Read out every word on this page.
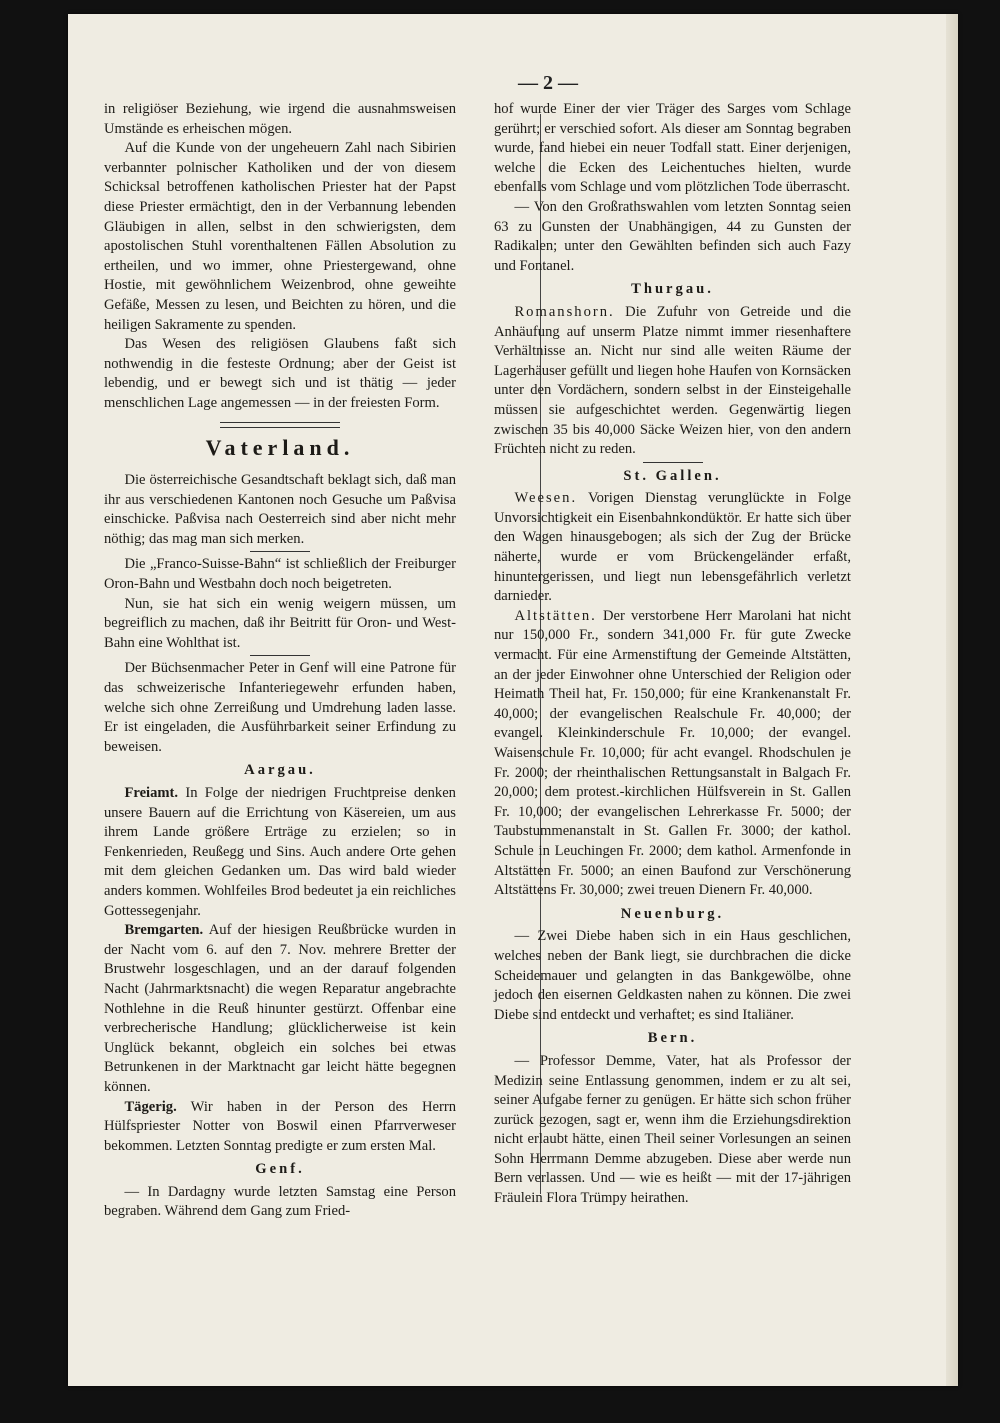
— 2 —

in religiöser Beziehung, wie irgend die ausnahmsweisen Umstände es erheischen mögen.

Auf die Kunde von der ungeheuern Zahl nach Sibirien verbannter polnischer Katholiken und der von diesem Schicksal betroffenen katholischen Priester hat der Papst diese Priester ermächtigt, den in der Verbannung lebenden Gläubigen in allen, selbst in den schwierigsten, dem apostolischen Stuhl vorenthaltenen Fällen Absolution zu ertheilen, und wo immer, ohne Priestergewand, ohne Hostie, mit gewöhnlichem Weizenbrod, ohne geweihte Gefäße, Messen zu lesen, und Beichten zu hören, und die heiligen Sakramente zu spenden.

Das Wesen des religiösen Glaubens faßt sich nothwendig in die festeste Ordnung; aber der Geist ist lebendig, und er bewegt sich und ist thätig — jeder menschlichen Lage angemessen — in der freiesten Form.

Vaterland.

Die österreichische Gesandtschaft beklagt sich, daß man ihr aus verschiedenen Kantonen noch Gesuche um Paßvisa einschicke. Paßvisa nach Oesterreich sind aber nicht mehr nöthig; das mag man sich merken.

Die „Franco-Suisse-Bahn“ ist schließlich der Freiburger Oron-Bahn und Westbahn doch noch beigetreten.

Nun, sie hat sich ein wenig weigern müssen, um begreiflich zu machen, daß ihr Beitritt für Oron- und West-Bahn eine Wohlthat ist.

Der Büchsenmacher Peter in Genf will eine Patrone für das schweizerische Infanteriegewehr erfunden haben, welche sich ohne Zerreißung und Umdrehung laden lasse. Er ist eingeladen, die Ausführbarkeit seiner Erfindung zu beweisen.

Aargau.

Freiamt. In Folge der niedrigen Fruchtpreise denken unsere Bauern auf die Errichtung von Käsereien, um aus ihrem Lande größere Erträge zu erzielen; so in Fenkenrieden, Reußegg und Sins. Auch andere Orte gehen mit dem gleichen Gedanken um. Das wird bald wieder anders kommen. Wohlfeiles Brod bedeutet ja ein reichliches Gottessegenjahr.

Bremgarten. Auf der hiesigen Reußbrücke wurden in der Nacht vom 6. auf den 7. Nov. mehrere Bretter der Brustwehr losgeschlagen, und an der darauf folgenden Nacht (Jahrmarktsnacht) die wegen Reparatur angebrachte Nothlehne in die Reuß hinunter gestürzt. Offenbar eine verbrecherische Handlung; glücklicherweise ist kein Unglück bekannt, obgleich ein solches bei etwas Betrunkenen in der Marktnacht gar leicht hätte begegnen können.

Tägerig. Wir haben in der Person des Herrn Hülfspriester Notter von Boswil einen Pfarrverweser bekommen. Letzten Sonntag predigte er zum ersten Mal.

Genf.

— In Dardagny wurde letzten Samstag eine Person begraben. Während dem Gang zum Fried-

hof wurde Einer der vier Träger des Sarges vom Schlage gerührt; er verschied sofort. Als dieser am Sonntag begraben wurde, fand hiebei ein neuer Todfall statt. Einer derjenigen, welche die Ecken des Leichentuches hielten, wurde ebenfalls vom Schlage und vom plötzlichen Tode überrascht.

— Von den Großrathswahlen vom letzten Sonntag seien 63 zu Gunsten der Unabhängigen, 44 zu Gunsten der Radikalen; unter den Gewählten befinden sich auch Fazy und Fontanel.

Thurgau.

Romanshorn. Die Zufuhr von Getreide und die Anhäufung auf unserm Platze nimmt immer riesenhaftere Verhältnisse an. Nicht nur sind alle weiten Räume der Lagerhäuser gefüllt und liegen hohe Haufen von Kornsäcken unter den Vordächern, sondern selbst in der Einsteigehalle müssen sie aufgeschichtet werden. Gegenwärtig liegen zwischen 35 bis 40,000 Säcke Weizen hier, von den andern Früchten nicht zu reden.

St. Gallen.

Weesen. Vorigen Dienstag verunglückte in Folge Unvorsichtigkeit ein Eisenbahnkondüktör. Er hatte sich über den Wagen hinausgebogen; als sich der Zug der Brücke näherte, wurde er vom Brückengeländer erfaßt, hinuntergerissen, und liegt nun lebensgefährlich verletzt darnieder.

Altstätten. Der verstorbene Herr Marolani hat nicht nur 150,000 Fr., sondern 341,000 Fr. für gute Zwecke vermacht. Für eine Armenstiftung der Gemeinde Altstätten, an der jeder Einwohner ohne Unterschied der Religion oder Heimath Theil hat, Fr. 150,000; für eine Krankenanstalt Fr. 40,000; der evangelischen Realschule Fr. 40,000; der evangel. Kleinkinderschule Fr. 10,000; der evangel. Waisenschule Fr. 10,000; für acht evangel. Rhodschulen je Fr. 2000; der rheinthalischen Rettungsanstalt in Balgach Fr. 20,000; dem protest.-kirchlichen Hülfsverein in St. Gallen Fr. 10,000; der evangelischen Lehrerkasse Fr. 5000; der Taubstummenanstalt in St. Gallen Fr. 3000; der kathol. Schule in Leuchingen Fr. 2000; dem kathol. Armenfonde in Altstätten Fr. 5000; an einen Baufond zur Verschönerung Altstättens Fr. 30,000; zwei treuen Dienern Fr. 40,000.

Neuenburg.

— Zwei Diebe haben sich in ein Haus geschlichen, welches neben der Bank liegt, sie durchbrachen die dicke Scheidemauer und gelangten in das Bankgewölbe, ohne jedoch den eisernen Geldkasten nahen zu können. Die zwei Diebe sind entdeckt und verhaftet; es sind Italiäner.

Bern.

— Professor Demme, Vater, hat als Professor der Medizin seine Entlassung genommen, indem er zu alt sei, seiner Aufgabe ferner zu genügen. Er hätte sich schon früher zurück gezogen, sagt er, wenn ihm die Erziehungsdirektion nicht erlaubt hätte, einen Theil seiner Vorlesungen an seinen Sohn Herrmann Demme abzugeben. Diese aber werde nun Bern verlassen. Und — wie es heißt — mit der 17-jährigen Fräulein Flora Trümpy heirathen.
